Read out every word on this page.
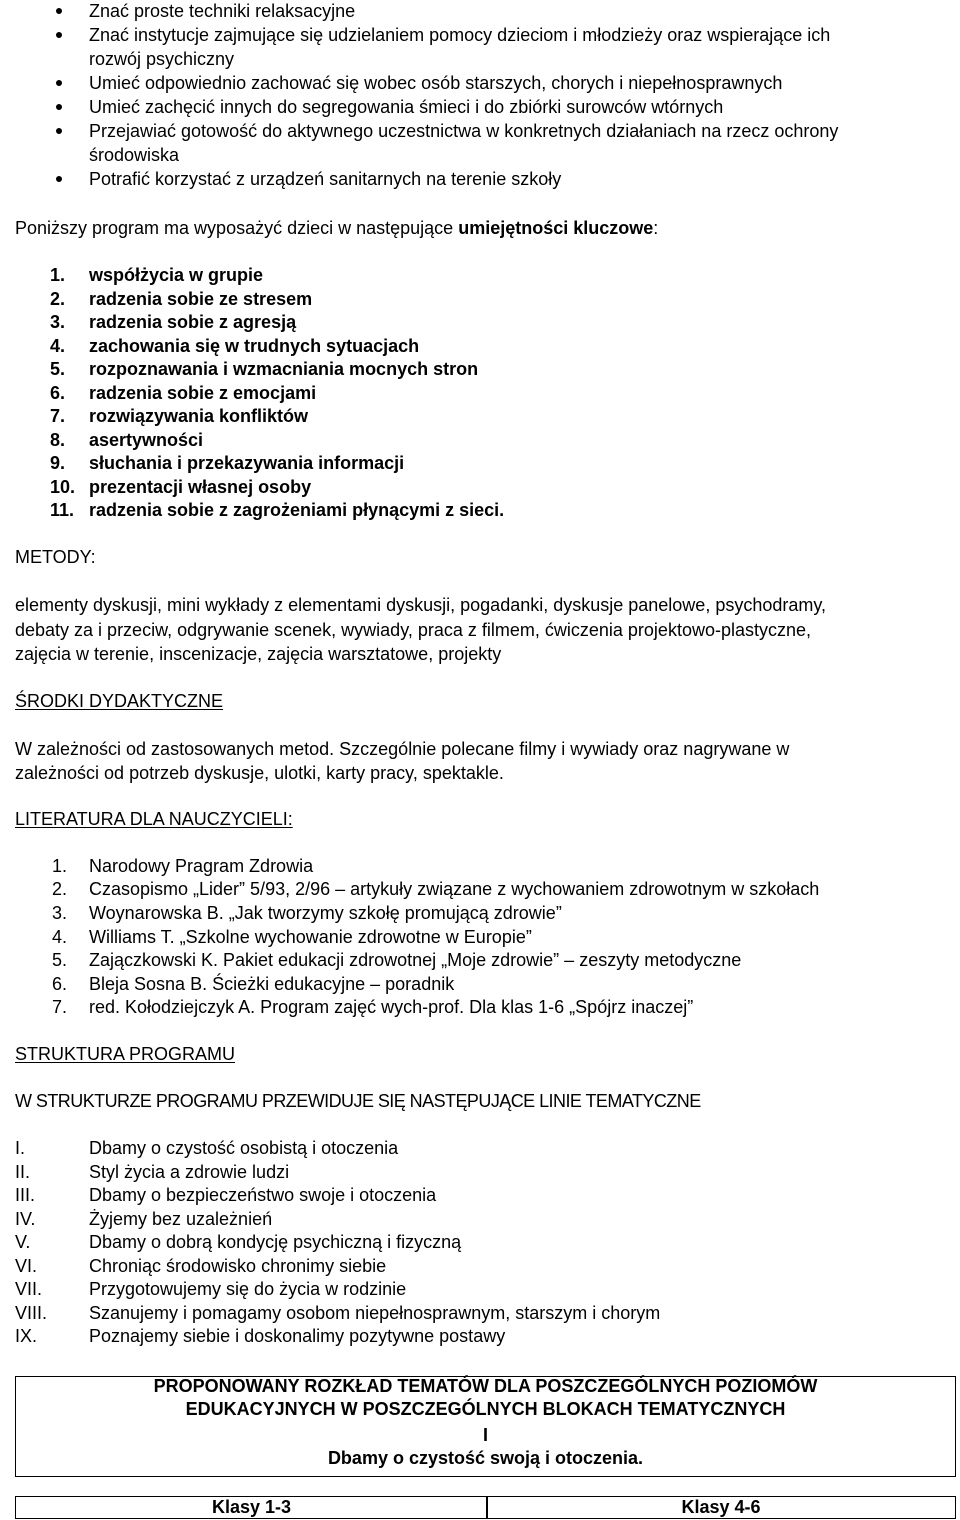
Znać proste techniki relaksacyjne
Znać instytucje zajmujące się udzielaniem pomocy dzieciom i młodzieży oraz wspierające ich
rozwój psychiczny
Umieć odpowiednio zachować się wobec osób starszych, chorych i niepełnosprawnych
Umieć zachęcić innych do segregowania śmieci i do zbiórki surowców wtórnych
Przejawiać gotowość do aktywnego uczestnictwa w konkretnych działaniach na rzecz ochrony
środowiska
Potrafić korzystać z urządzeń sanitarnych na terenie szkoły
Poniższy program ma wyposażyć dzieci w następujące umiejętności kluczowe:
1. współżycia w grupie
2. radzenia sobie ze stresem
3. radzenia sobie z agresją
4. zachowania się w trudnych sytuacjach
5. rozpoznawania i wzmacniania mocnych stron
6. radzenia sobie z emocjami
7. rozwiązywania konfliktów
8. asertywności
9. słuchania i przekazywania informacji
10. prezentacji własnej osoby
11. radzenia sobie z zagrożeniami płynącymi z sieci.
METODY:
elementy dyskusji, mini wykłady z elementami dyskusji, pogadanki, dyskusje panelowe, psychodramy,
debaty za i przeciw, odgrywanie scenek, wywiady, praca z filmem, ćwiczenia projektowo-plastyczne,
zajęcia w terenie, inscenizacje, zajęcia warsztatowe, projekty
ŚRODKI DYDAKTYCZNE
W zależności od zastosowanych metod. Szczególnie polecane filmy i wywiady oraz nagrywane w
zależności od potrzeb dyskusje, ulotki, karty pracy, spektakle.
LITERATURA DLA NAUCZYCIELI:
1. Narodowy Pragram Zdrowia
2. Czasopismo „Lider” 5/93, 2/96 – artykuły związane z wychowaniem zdrowotnym w szkołach
3. Woynarowska B. „Jak tworzymy szkołę promującą zdrowie”
4. Williams T. „Szkolne wychowanie zdrowotne w Europie”
5. Zajączkowski K. Pakiet edukacji zdrowotnej „Moje zdrowie” – zeszyty metodyczne
6. Bleja Sosna B. Ścieżki edukacyjne – poradnik
7. red. Kołodziejczyk A. Program zajęć wych-prof. Dla klas 1-6 „Spójrz inaczej”
STRUKTURA PROGRAMU
W STRUKTURZE PROGRAMU PRZEWIDUJE SIĘ NASTĘPUJĄCE LINIE TEMATYCZNE
I.	Dbamy o czystość osobistą i otoczenia
II.	Styl życia a zdrowie ludzi
III.	Dbamy o bezpieczeństwo swoje i otoczenia
IV.	Żyjemy bez uzależnień
V.	Dbamy o dobrą kondycję psychiczną i fizyczną
VI.	Chroniąc środowisko chronimy siebie
VII.	Przygotowujemy się do życia w rodzinie
VIII. Szanujemy i pomagamy osobom niepełnosprawnym, starszym i chorym
IX.	Poznajemy siebie i doskonalimy pozytywne postawy
PROPONOWANY ROZKŁAD TEMATÓW DLA POSZCZEGÓLNYCH POZIOMÓW
EDUKACYJNYCH W POSZCZEGÓLNYCH BLOKACH TEMATYCZNYCH
I
Dbamy o czystość swoją i otoczenia.
Klasy 1-3	Klasy 4-6
